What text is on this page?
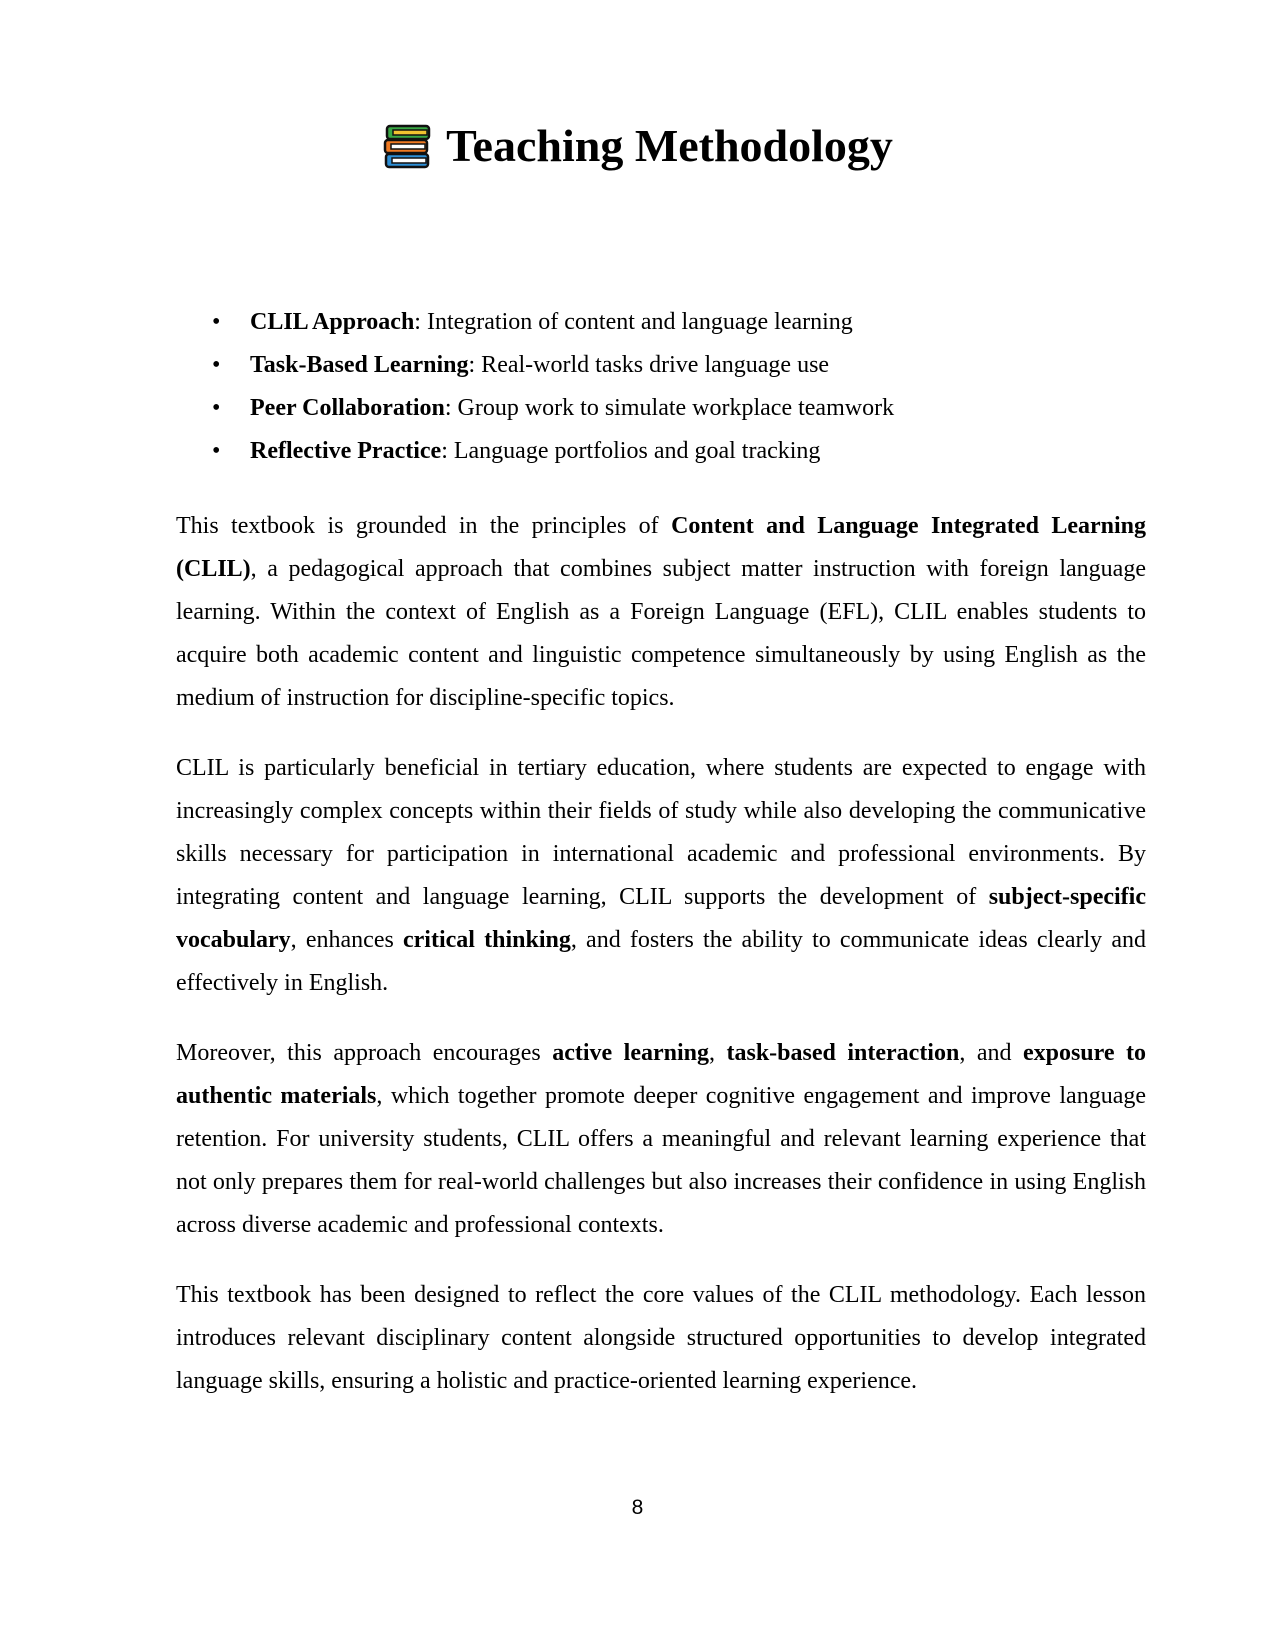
Teaching Methodology
• CLIL Approach: Integration of content and language learning
• Task-Based Learning: Real-world tasks drive language use
• Peer Collaboration: Group work to simulate workplace teamwork
• Reflective Practice: Language portfolios and goal tracking

This textbook is grounded in the principles of Content and Language Integrated Learning (CLIL), a pedagogical approach that combines subject matter instruction with foreign language learning. Within the context of English as a Foreign Language (EFL), CLIL enables students to acquire both academic content and linguistic competence simultaneously by using English as the medium of instruction for discipline-specific topics.

CLIL is particularly beneficial in tertiary education, where students are expected to engage with increasingly complex concepts within their fields of study while also developing the communicative skills necessary for participation in international academic and professional environments. By integrating content and language learning, CLIL supports the development of subject-specific vocabulary, enhances critical thinking, and fosters the ability to communicate ideas clearly and effectively in English.

Moreover, this approach encourages active learning, task-based interaction, and exposure to authentic materials, which together promote deeper cognitive engagement and improve language retention. For university students, CLIL offers a meaningful and relevant learning experience that not only prepares them for real-world challenges but also increases their confidence in using English across diverse academic and professional contexts.

This textbook has been designed to reflect the core values of the CLIL methodology. Each lesson introduces relevant disciplinary content alongside structured opportunities to develop integrated language skills, ensuring a holistic and practice-oriented learning experience.

8
